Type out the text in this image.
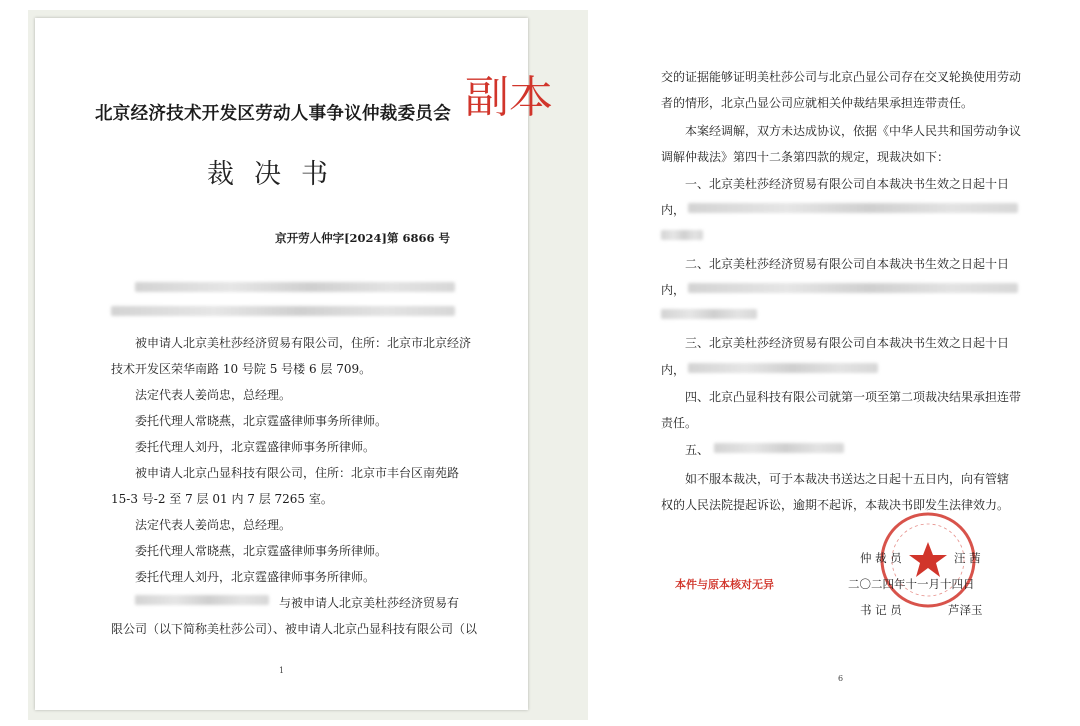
北京经济技术开发区劳动人事争议仲裁委员会 副本
裁决书
京开劳人仲字[2024]第 6866 号
被申请人北京美杜莎经济贸易有限公司，住所：北京市北京经济
技术开发区荣华南路 10 号院 5 号楼 6 层 709。
法定代表人姜尚忠，总经理。
委托代理人常晓燕，北京霆盛律师事务所律师。
委托代理人刘丹，北京霆盛律师事务所律师。
被申请人北京凸显科技有限公司，住所：北京市丰台区南苑路
15-3 号-2 至 7 层 01 内 7 层 7265 室。
法定代表人姜尚忠，总经理。
委托代理人常晓燕，北京霆盛律师事务所律师。
委托代理人刘丹，北京霆盛律师事务所律师。
与被申请人北京美杜莎经济贸易有
限公司（以下简称美杜莎公司）、被申请人北京凸显科技有限公司（以
1
交的证据能够证明美杜莎公司与北京凸显公司存在交叉轮换使用劳动
者的情形，北京凸显公司应就相关仲裁结果承担连带责任。
本案经调解，双方未达成协议，依据《中华人民共和国劳动争议
调解仲裁法》第四十二条第四款的规定，现裁决如下：
一、北京美杜莎经济贸易有限公司自本裁决书生效之日起十日
内，
二、北京美杜莎经济贸易有限公司自本裁决书生效之日起十日
内，
三、北京美杜莎经济贸易有限公司自本裁决书生效之日起十日
内，
四、北京凸显科技有限公司就第一项至第二项裁决结果承担连带
责任。
五、
如不服本裁决，可于本裁决书送达之日起十五日内，向有管辖
权的人民法院提起诉讼，逾期不起诉，本裁决书即发生法律效力。
本件与原本核对无异
仲 裁 员	汪 茜
二〇二四年十一月十四日
书 记 员	芦泽玉
6
